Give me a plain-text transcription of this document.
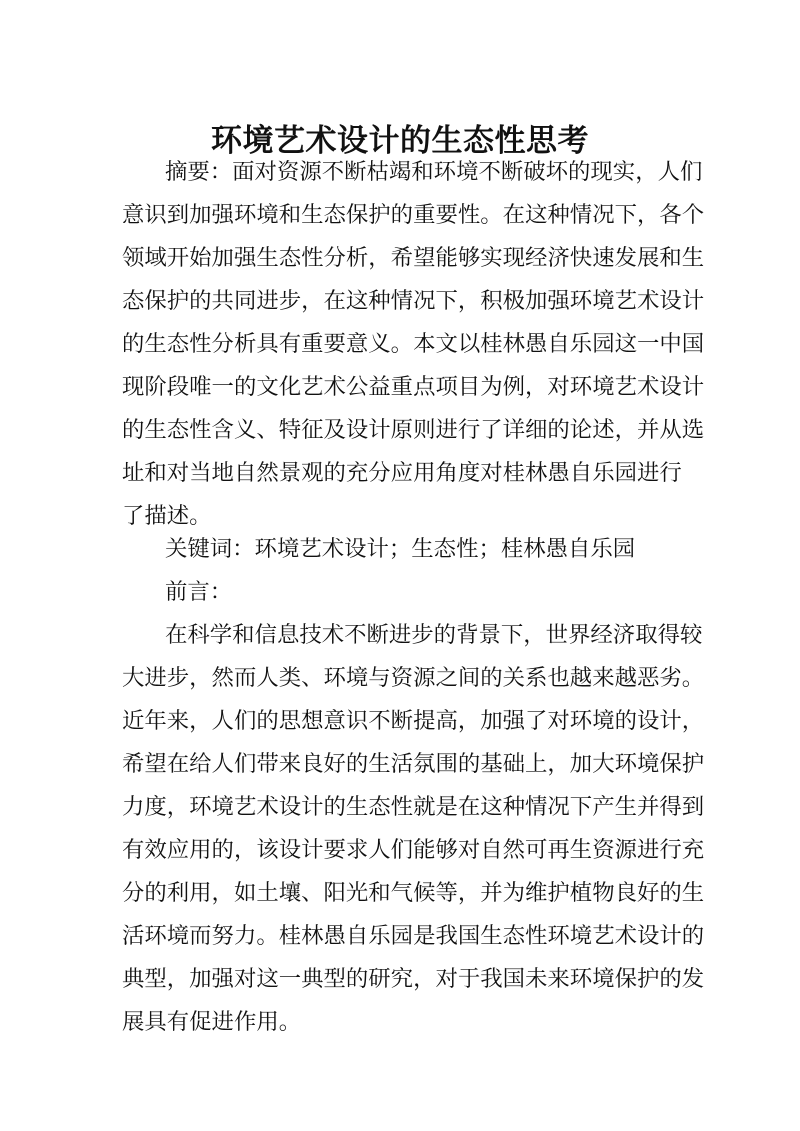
环境艺术设计的生态性思考
摘要：面对资源不断枯竭和环境不断破坏的现实，人们
意识到加强环境和生态保护的重要性。在这种情况下，各个
领域开始加强生态性分析，希望能够实现经济快速发展和生
态保护的共同进步，在这种情况下，积极加强环境艺术设计
的生态性分析具有重要意义。本文以桂林愚自乐园这一中国
现阶段唯一的文化艺术公益重点项目为例，对环境艺术设计
的生态性含义、特征及设计原则进行了详细的论述，并从选
址和对当地自然景观的充分应用角度对桂林愚自乐园进行
了描述。
关键词：环境艺术设计；生态性；桂林愚自乐园
前言：
在科学和信息技术不断进步的背景下，世界经济取得较
大进步，然而人类、环境与资源之间的关系也越来越恶劣。
近年来，人们的思想意识不断提高，加强了对环境的设计，
希望在给人们带来良好的生活氛围的基础上，加大环境保护
力度，环境艺术设计的生态性就是在这种情况下产生并得到
有效应用的，该设计要求人们能够对自然可再生资源进行充
分的利用，如土壤、阳光和气候等，并为维护植物良好的生
活环境而努力。桂林愚自乐园是我国生态性环境艺术设计的
典型，加强对这一典型的研究，对于我国未来环境保护的发
展具有促进作用。
